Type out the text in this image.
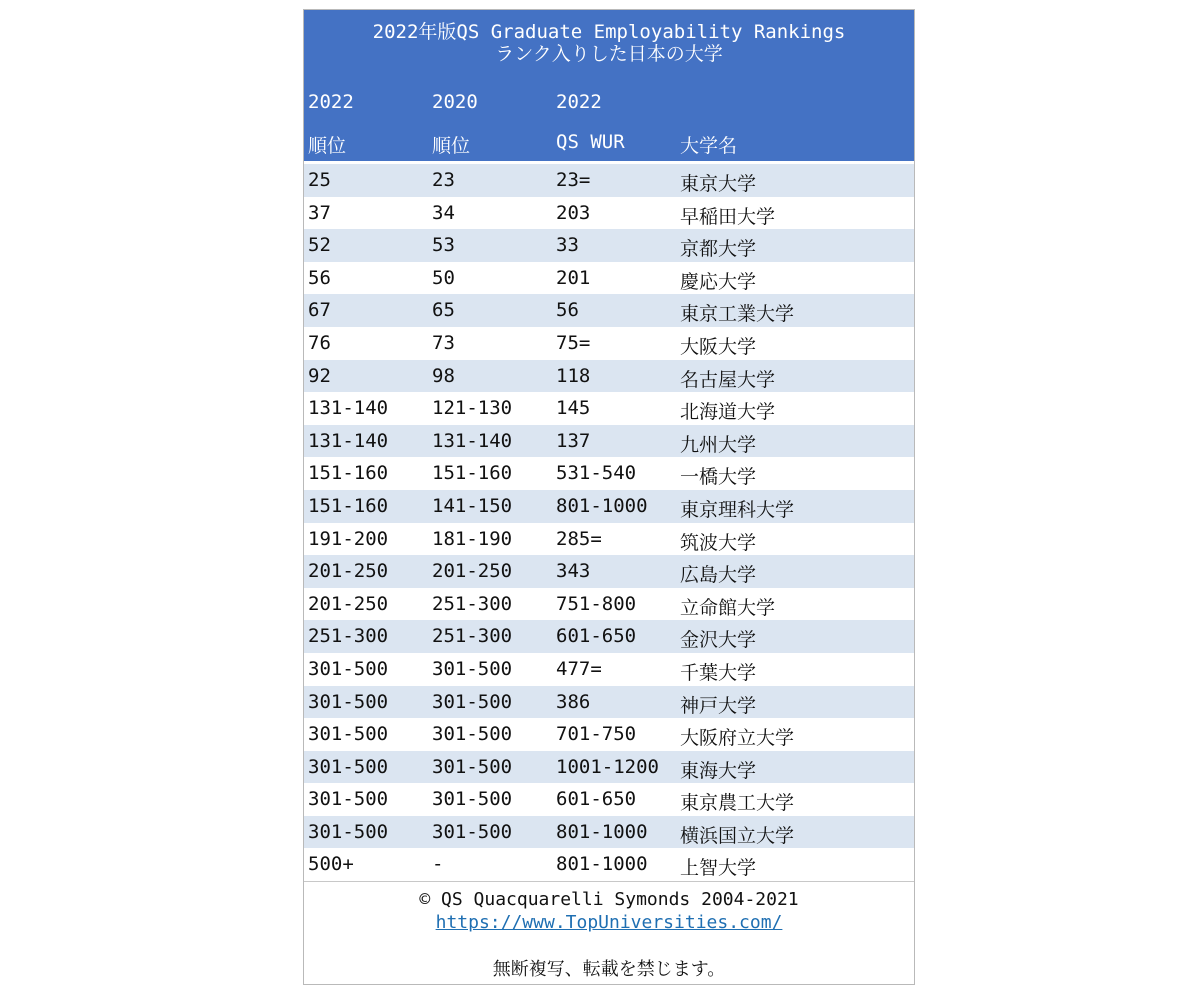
2022年版QS Graduate Employability Rankings
ランク入りした日本の大学
2022	2020	2022
順位	順位	QS WUR	大学名
25	23	23=	東京大学
37	34	203	早稲田大学
52	53	33	京都大学
56	50	201	慶応大学
67	65	56	東京工業大学
76	73	75=	大阪大学
92	98	118	名古屋大学
131-140 121-130 145	北海道大学
131-140 131-140 137	九州大学
151-160 151-160 531-540 一橋大学
151-160 141-150 801-1000 東京理科大学
191-200 181-190 285=	筑波大学
201-250 201-250 343	広島大学
201-250 251-300 751-800 立命館大学
251-300 251-300 601-650 金沢大学
301-500 301-500 477=	千葉大学
301-500 301-500 386	神戸大学
301-500 301-500 701-750 大阪府立大学
301-500 301-500 1001-1200 東海大学
301-500 301-500 601-650 東京農工大学
301-500 301-500 801-1000 横浜国立大学
500+	-	801-1000 上智大学
© QS Quacquarelli Symonds 2004-2021
https://www.TopUniversities.com/
無断複写、転載を禁じます。
